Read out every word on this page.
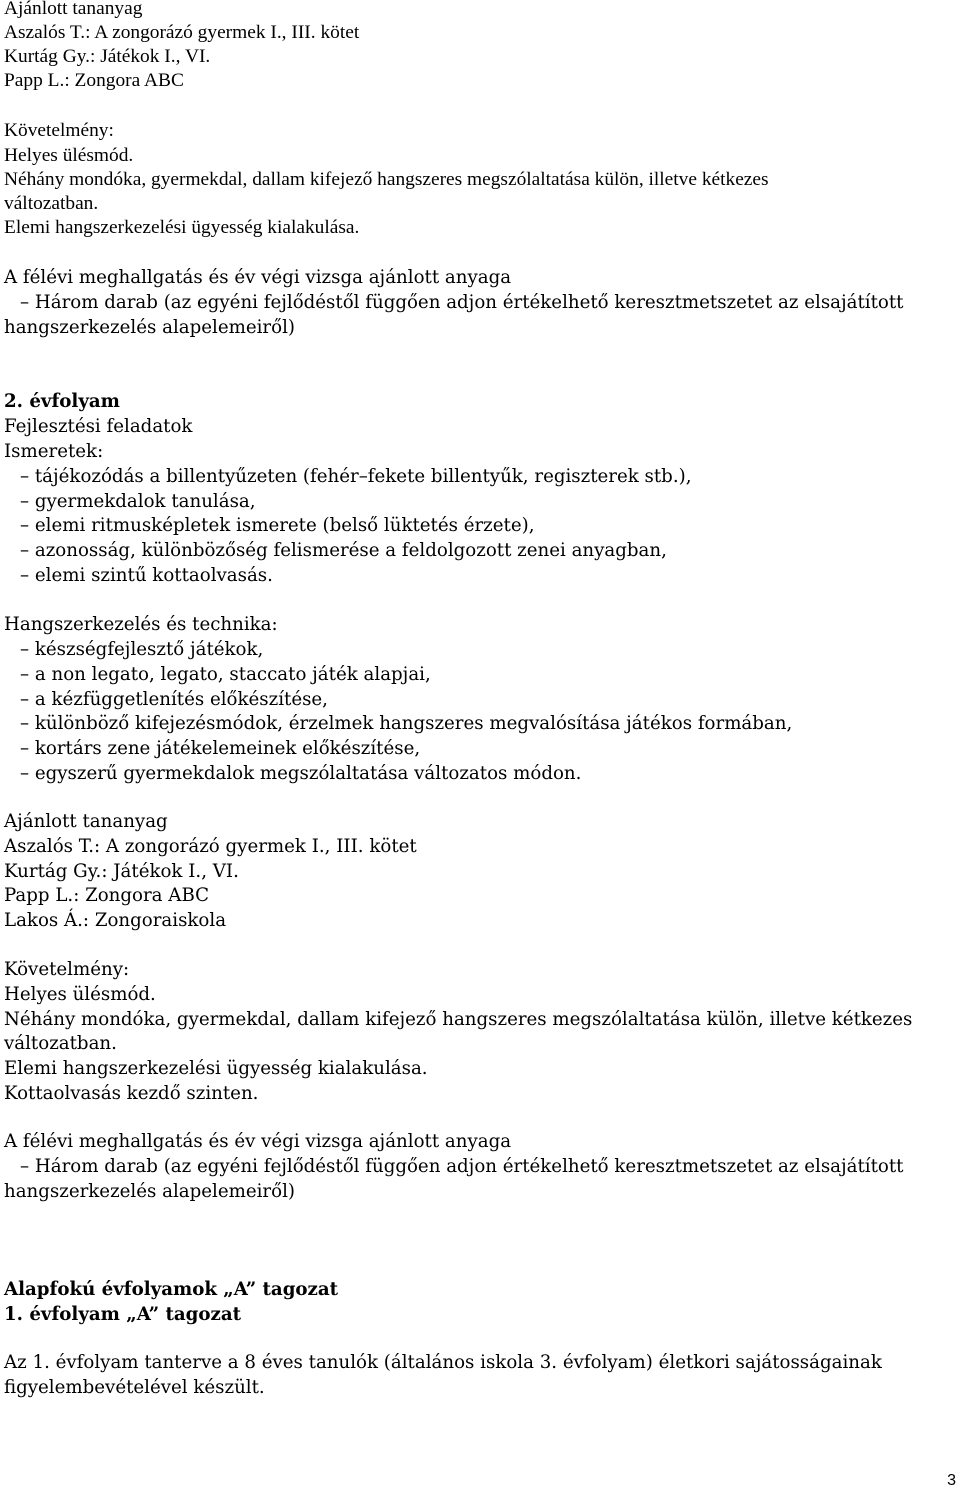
Ajánlott tananyag

Aszalós T.: A zongorázó gyermek I., III. kötet

Kurtág Gy.: Játékok I., VI.

Papp L.: Zongora ABC

Követelmény:

Helyes ülésmód.

Néhány mondóka, gyermekdal, dallam kifejező hangszeres megszólaltatása külön, illetve kétkezes

változatban.

Elemi hangszerkezelési ügyesség kialakulása.

A félévi meghallgatás és év végi vizsga ajánlott anyaga

– Három darab (az egyéni fejlődéstől függően adjon értékelhető keresztmetszetet az elsajátított

hangszerkezelés alapelemeiről)

2. évfolyam

Fejlesztési feladatok

Ismeretek:

– tájékozódás a billentyűzeten (fehér–fekete billentyűk, regiszterek stb.),

– gyermekdalok tanulása,

– elemi ritmusképletek ismerete (belső lüktetés érzete),

– azonosság, különbözőség felismerése a feldolgozott zenei anyagban,

– elemi szintű kottaolvasás.

Hangszerkezelés és technika:

– készségfejlesztő játékok,

– a non legato, legato, staccato játék alapjai,

– a kézfüggetlenítés előkészítése,

– különböző kifejezésmódok, érzelmek hangszeres megvalósítása játékos formában,

– kortárs zene játékelemeinek előkészítése,

– egyszerű gyermekdalok megszólaltatása változatos módon.

Ajánlott tananyag

Aszalós T.: A zongorázó gyermek I., III. kötet

Kurtág Gy.: Játékok I., VI.

Papp L.: Zongora ABC

Lakos Á.: Zongoraiskola

Követelmény:

Helyes ülésmód.

Néhány mondóka, gyermekdal, dallam kifejező hangszeres megszólaltatása külön, illetve kétkezes

változatban.

Elemi hangszerkezelési ügyesség kialakulása.

Kottaolvasás kezdő szinten.

A félévi meghallgatás és év végi vizsga ajánlott anyaga

– Három darab (az egyéni fejlődéstől függően adjon értékelhető keresztmetszetet az elsajátított

hangszerkezelés alapelemeiről)

Alapfokú évfolyamok „A” tagozat

1. évfolyam „A” tagozat

Az 1. évfolyam tanterve a 8 éves tanulók (általános iskola 3. évfolyam) életkori sajátosságainak

figyelembevételével készült.

3
